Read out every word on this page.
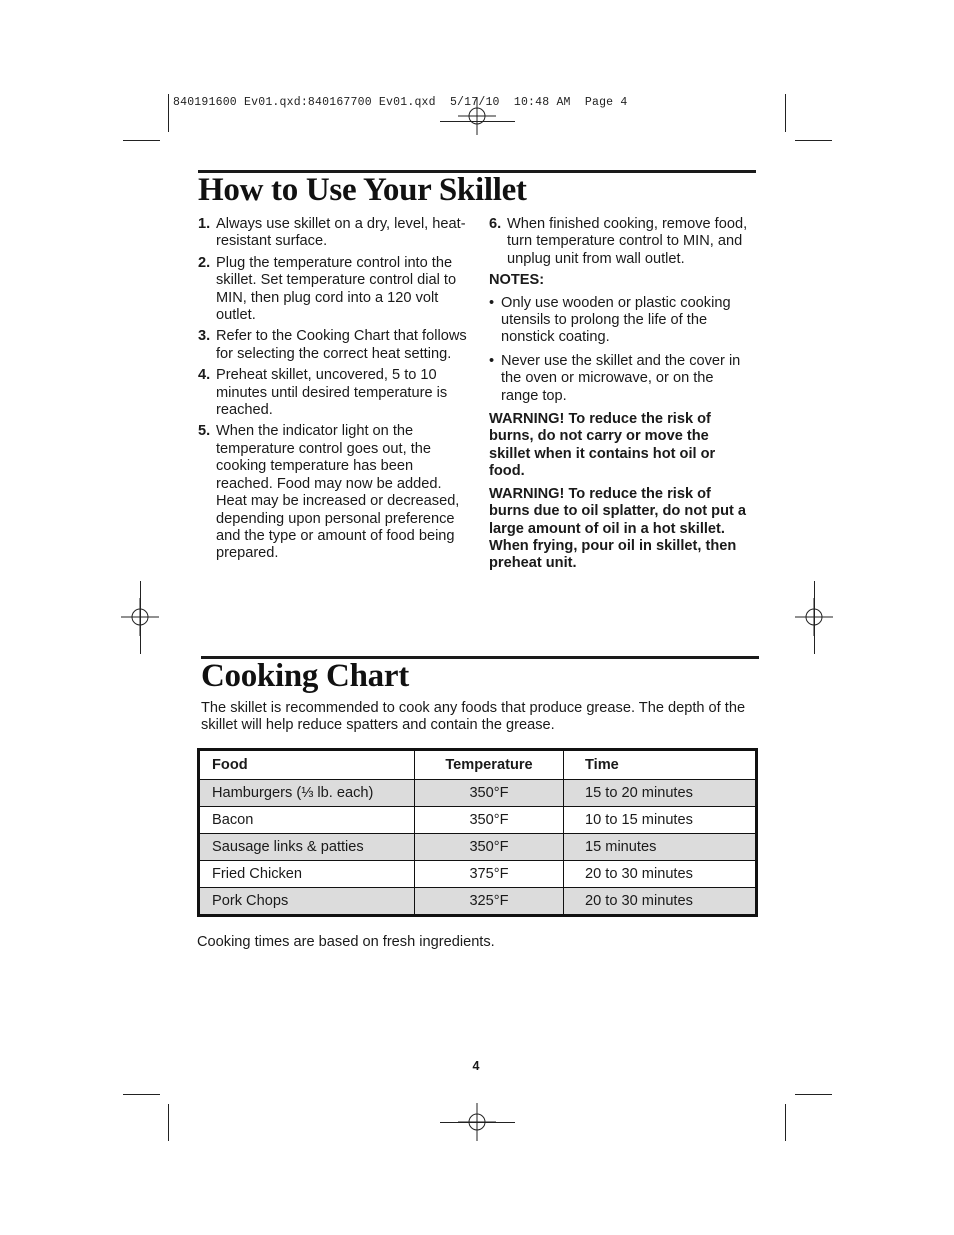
840191600 Ev01.qxd:840167700 Ev01.qxd  5/17/10  10:48 AM  Page 4
How to Use Your Skillet
1. Always use skillet on a dry, level, heat-resistant surface.
2. Plug the temperature control into the skillet. Set temperature control dial to MIN, then plug cord into a 120 volt outlet.
3. Refer to the Cooking Chart that follows for selecting the correct heat setting.
4. Preheat skillet, uncovered, 5 to 10 minutes until desired temperature is reached.
5. When the indicator light on the temperature control goes out, the cooking temperature has been reached. Food may now be added. Heat may be increased or decreased, depending upon personal preference and the type or amount of food being prepared.
6. When finished cooking, remove food, turn temperature control to MIN, and unplug unit from wall outlet.
NOTES:
• Only use wooden or plastic cooking utensils to prolong the life of the nonstick coating.
• Never use the skillet and the cover in the oven or microwave, or on the range top.

WARNING! To reduce the risk of burns, do not carry or move the skillet when it contains hot oil or food.

WARNING! To reduce the risk of burns due to oil splatter, do not put a large amount of oil in a hot skillet. When frying, pour oil in skillet, then preheat unit.

Cooking Chart
The skillet is recommended to cook any foods that produce grease. The depth of the skillet will help reduce spatters and contain the grease.
Food	Temperature	Time
Hamburgers (⅓ lb. each)	350°F	15 to 20 minutes
Bacon	350°F	10 to 15 minutes
Sausage links & patties	350°F	15 minutes
Fried Chicken	375°F	20 to 30 minutes
Pork Chops	325°F	20 to 30 minutes
Cooking times are based on fresh ingredients.
4
